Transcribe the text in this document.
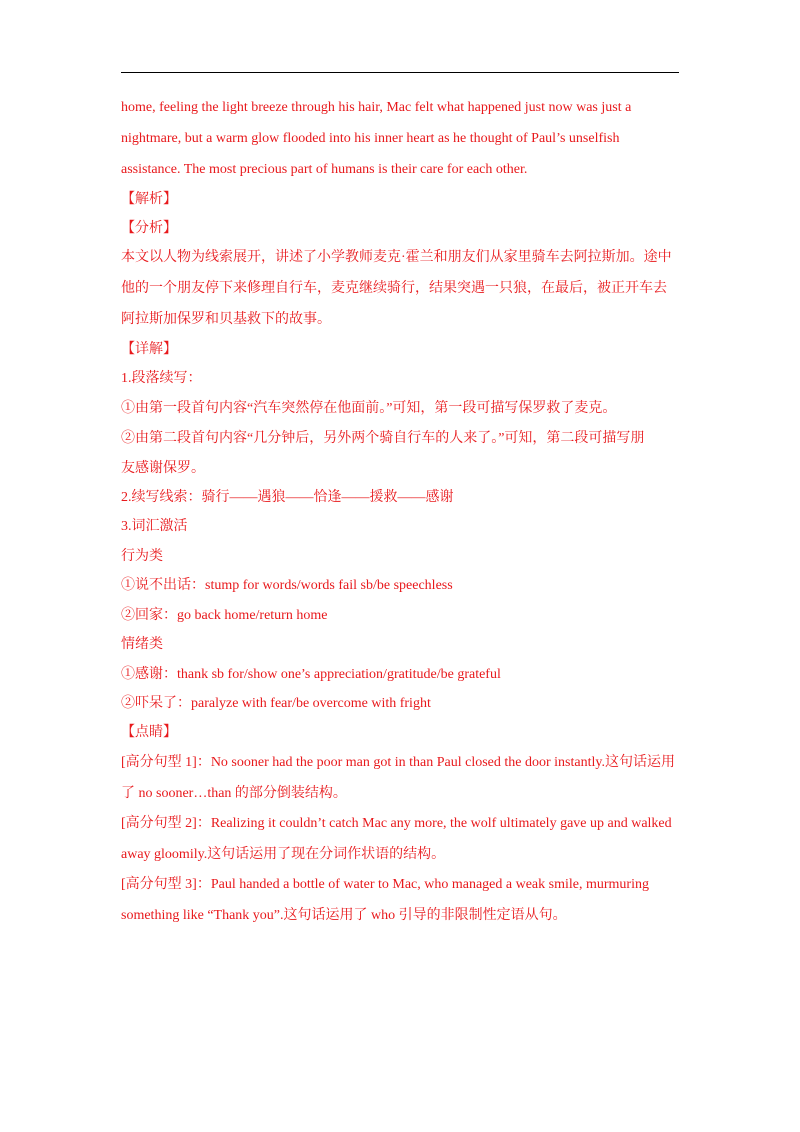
home, feeling the light breeze through his hair, Mac felt what happened just now was just a
nightmare, but a warm glow flooded into his inner heart as he thought of Paul’s unselfish
assistance. The most precious part of humans is their care for each other.
【解析】
【分析】
本文以人物为线索展开，讲述了小学教师麦克·霍兰和朋友们从家里骑车去阿拉斯加。途中
他的一个朋友停下来修理自行车，麦克继续骑行，结果突遇一只狼，在最后，被正开车去
阿拉斯加保罗和贝基救下的故事。
【详解】
1.段落续写：
①由第一段首句内容“汽车突然停在他面前。”可知，第一段可描写保罗救了麦克。
②由第二段首句内容“几分钟后，另外两个骑自行车的人来了。”可知，第二段可描写朋
友感谢保罗。
2.续写线索：骑行——遇狼——恰逢——援救——感谢
3.词汇激活
行为类
①说不出话：stump for words/words fail sb/be speechless
②回家：go back home/return home
情绪类
①感谢：thank sb for/show one’s appreciation/gratitude/be grateful
②吓呆了：paralyze with fear/be overcome with fright
【点睛】
[高分句型 1]：No sooner had the poor man got in than Paul closed the door instantly.这句话运用
了 no sooner…than 的部分倒装结构。
[高分句型 2]：Realizing it couldn’t catch Mac any more, the wolf ultimately gave up and walked
away gloomily.这句话运用了现在分词作状语的结构。
[高分句型 3]：Paul handed a bottle of water to Mac, who managed a weak smile, murmuring
something like “Thank you”.这句话运用了 who 引导的非限制性定语从句。
